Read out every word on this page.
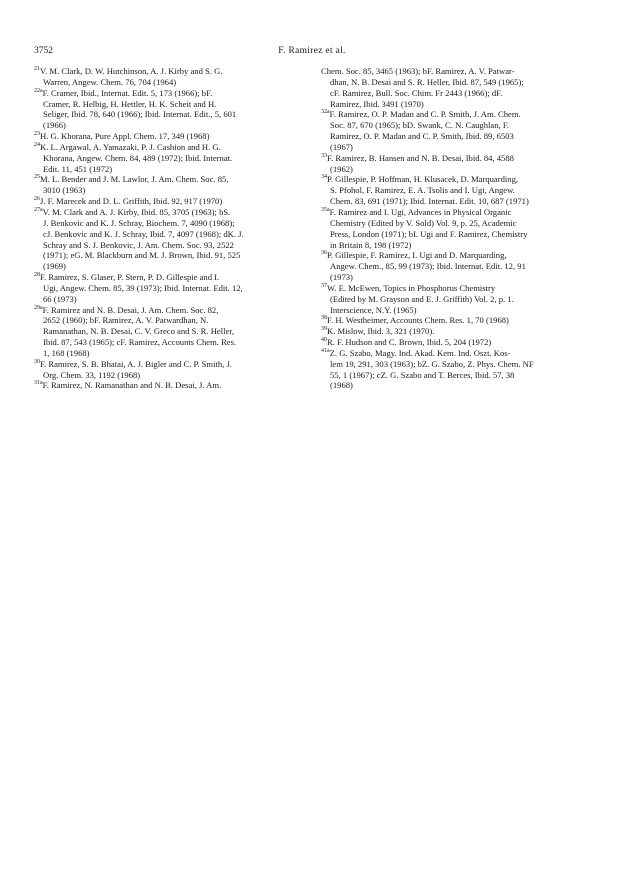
3752	F. Ramirez et al.

$^{21}$V. M. Clark, D. W. Hutchinson, A. J. Kirby and S. G.
Warren, Angew. Chem. 76, 704 (1964)

$^{22a}$F. Cramer, Ibid., Internat. Edit. 5, 173 (1966); bF.
Cramer, R. Helbig, H. Hettler, H. K. Scheit and H.
Seliger, Ibid. 78, 640 (1966); Ibid. Internat. Edit., 5, 601
(1966)

$^{23}$H. G. Khorana, Pure Appl. Chem. 17, 349 (1968)

$^{24}$K. L. Argawal, A. Yamazaki, P. J. Cashion and H. G.
Khorana, Angew. Chem. 84, 489 (1972); Ibid. Internat.
Edit. 11, 451 (1972)

$^{25}$M. L. Bender and J. M. Lawlor, J. Am. Chem. Soc. 85,
3010 (1963)

$^{26}$J. F. Marecek and D. L. Griffith, Ibid. 92, 917 (1970)

$^{27a}$V. M. Clark and A. J. Kirby, Ibid. 85, 3705 (1963); bS.
J. Benkovic and K. J. Schray, Biochem. 7, 4090 (1968);
cJ. Benkovic and K. J. Schray, Ibid. 7, 4097 (1968); dK. J.
Schray and S. J. Benkovic, J. Am. Chem. Soc. 93, 2522
(1971); eG. M. Blackburn and M. J. Brown, Ibid. 91, 525
(1969)

$^{28}$F. Ramirez, S. Glaser, P. Stern, P. D. Gillespie and I.
Ugi, Angew. Chem. 85, 39 (1973); Ibid. Internat. Edit. 12,
66 (1973)

$^{29a}$F. Ramirez and N. B. Desai, J. Am. Chem. Soc. 82,
2652 (1960); bF. Ramirez, A. V. Patwardhan, N.
Ramanathan, N. B. Desai, C. V. Greco and S. R. Heller,
Ibid. 87, 543 (1965); cF. Ramirez, Accounts Chem. Res.
1, 168 (1968)

$^{30}$F. Ramirez, S. B. Bhatai, A. J. Bigler and C. P. Smith, J.
Org. Chem. 33, 1192 (1968)

$^{31a}$F. Ramirez, N. Ramanathan and N. B. Desai, J. Am.

Chem. Soc. 85, 3465 (1963); bF. Ramirez, A. V. Patwar-
dhan, N. B. Desai and S. R. Heller, Ibid. 87, 549 (1965);
cF. Ramirez, Bull. Soc. Chim. Fr 2443 (1966); dF.
Ramirez, Ibid. 3491 (1970)

$^{32a}$F. Ramirez, O. P. Madan and C. P. Smith, J. Am. Chem.
Soc. 87, 670 (1965); bD. Swank, C. N. Caughlan, F.
Ramirez, O. P. Madan and C. P. Smith, Ibid. 89, 6503
(1967)

$^{33}$F. Ramirez, B. Hansen and N. B. Desai, Ibid. 84, 4588
(1962)

$^{34}$P. Gillespie, P. Hoffman, H. Klusacek, D. Marquarding,
S. Pfohol, F. Ramirez, E. A. Tsolis and I. Ugi, Angew.
Chem. 83, 691 (1971); Ibid. Internat. Edit. 10, 687 (1971)

$^{35a}$F. Ramirez and I. Ugi, Advances in Physical Organic
Chemistry (Edited by V. Sold) Vol. 9, p. 25, Academic
Press, London (1971); bI. Ugi and F. Ramirez, Chemistry
in Britain 8, 198 (1972)

$^{36}$P. Gillespie, F. Ramirez, I. Ugi and D. Marquarding,
Angew. Chem., 85, 99 (1973); Ibid. Internat. Edit. 12, 91
(1973)

$^{37}$W. E. McEwen, Topics in Phosphorus Chemistry
(Edited by M. Grayson and E. J. Griffith) Vol. 2, p. 1.
Interscience, N.Y. (1965)

$^{38}$F. H. Westheimer, Accounts Chem. Res. 1, 70 (1968)

$^{39}$K. Mislow, Ibid. 3, 321 (1970).

$^{40}$R. F. Hudson and C. Brown, Ibid. 5, 204 (1972)

$^{41a}$Z. G. Szabo, Magy. Ind. Akad. Kem. Ind. Oszt. Kos-
lem 19, 291, 303 (1963); bZ. G. Szabo, Z. Phys. Chem. NF
55, 1 (1967); cZ. G. Szabo and T. Berces, Ibid. 57, 38
(1968)
